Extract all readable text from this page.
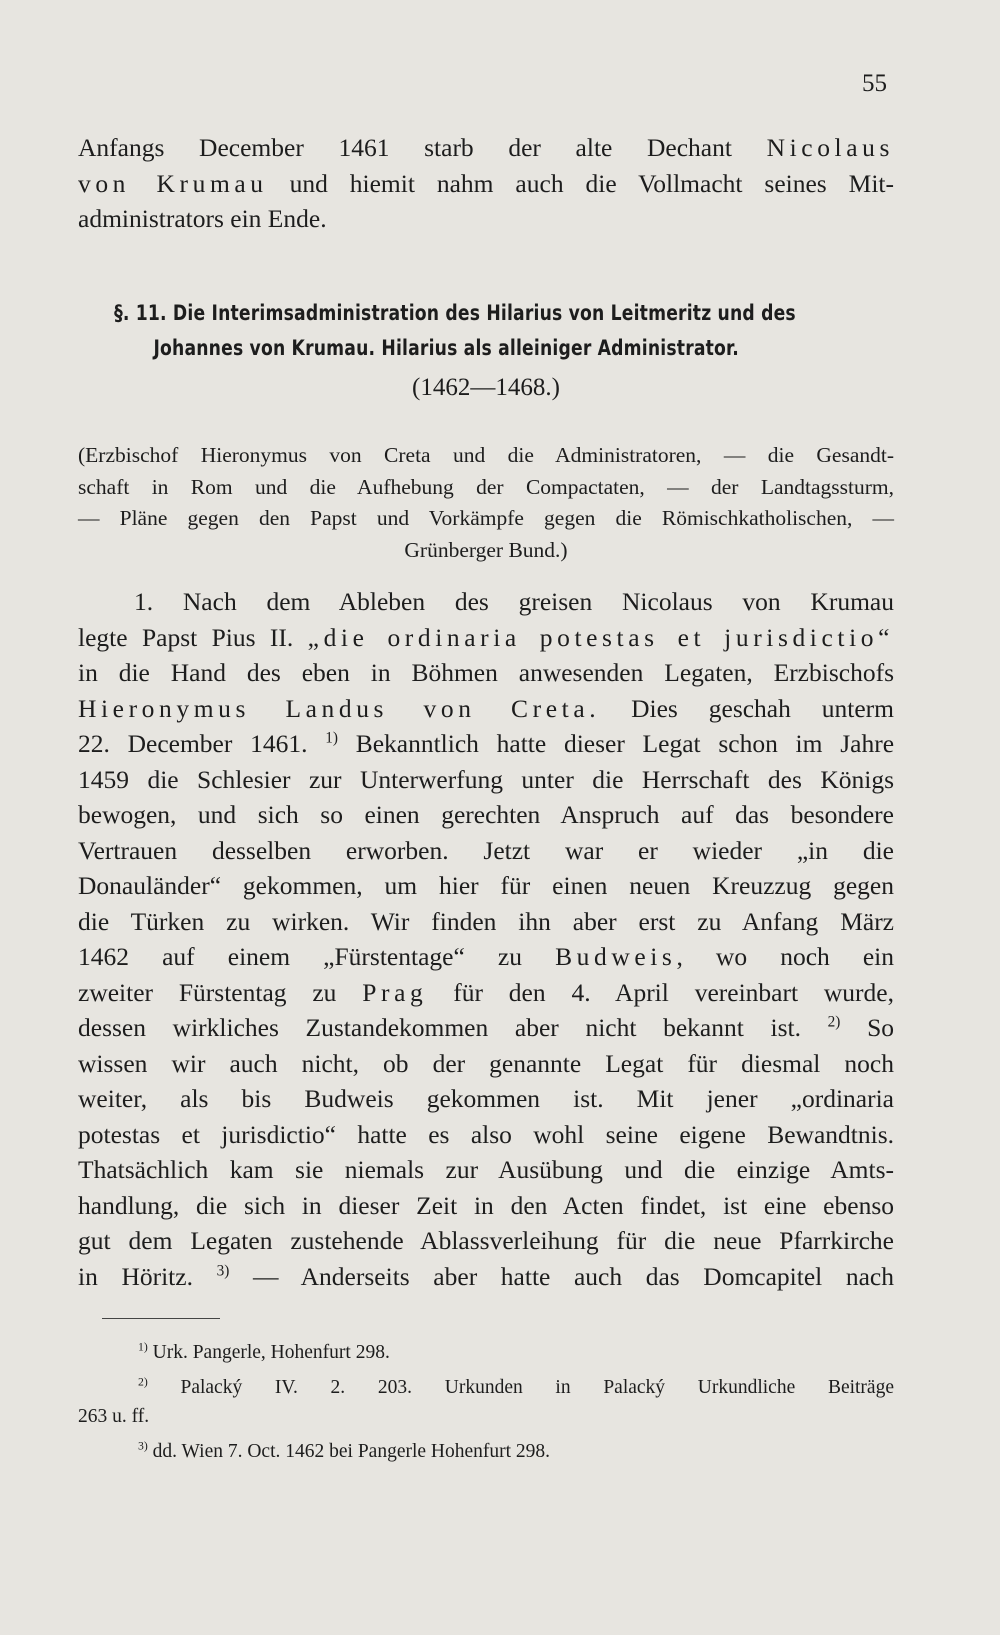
55

Anfangs December 1461 starb der alte Dechant Nicolaus
von Krumau und hiemit nahm auch die Vollmacht seines Mit-
administrators ein Ende.

§. 11. Die Interimsadministration des Hilarius von Leitmeritz und des
Johannes von Krumau. Hilarius als alleiniger Administrator.
(1462—1468.)
(Erzbischof Hieronymus von Creta und die Administratoren, — die Gesandt-
schaft in Rom und die Aufhebung der Compactaten, — der Landtagssturm,
— Pläne gegen den Papst und Vorkämpfe gegen die Römischkatholischen, —
Grünberger Bund.)

1. Nach dem Ableben des greisen Nicolaus von Krumau
legte Papst Pius II. „die ordinaria potestas et jurisdictio“
in die Hand des eben in Böhmen anwesenden Legaten, Erzbischofs
Hieronymus Landus von Creta. Dies geschah unterm
22. December 1461. $^{1)}$ Bekanntlich hatte dieser Legat schon im Jahre
1459 die Schlesier zur Unterwerfung unter die Herrschaft des Königs
bewogen, und sich so einen gerechten Anspruch auf das besondere
Vertrauen desselben erworben. Jetzt war er wieder „in die
Donauländer“ gekommen, um hier für einen neuen Kreuzzug gegen
die Türken zu wirken. Wir finden ihn aber erst zu Anfang März
1462 auf einem „Fürstentage“ zu Budweis, wo noch ein
zweiter Fürstentag zu Prag für den 4. April vereinbart wurde,
dessen wirkliches Zustandekommen aber nicht bekannt ist. $^{2)}$ So
wissen wir auch nicht, ob der genannte Legat für diesmal noch
weiter, als bis Budweis gekommen ist. Mit jener „ordinaria
potestas et jurisdictio“ hatte es also wohl seine eigene Bewandtnis.
Thatsächlich kam sie niemals zur Ausübung und die einzige Amts-
handlung, die sich in dieser Zeit in den Acten findet, ist eine ebenso
gut dem Legaten zustehende Ablassverleihung für die neue Pfarrkirche
in Höritz. $^{3)}$ — Anderseits aber hatte auch das Domcapitel nach

$^{1)}$ Urk. Pangerle, Hohenfurt 298.
$^{2)}$ Palacký IV. 2. 203. Urkunden in Palacký Urkundliche Beiträge
263 u. ff.
$^{3)}$ dd. Wien 7. Oct. 1462 bei Pangerle Hohenfurt 298.
